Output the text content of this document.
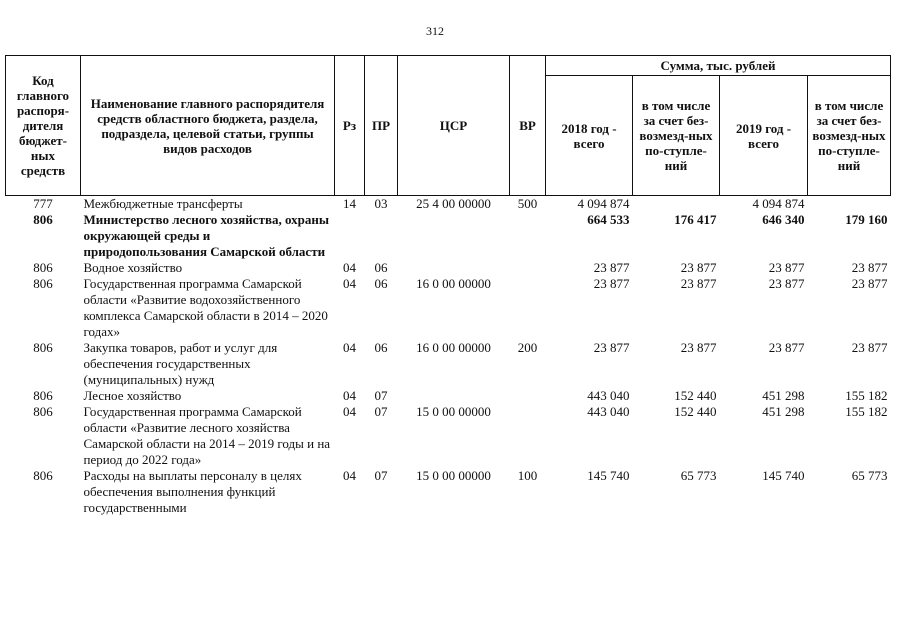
312
Код главного распоря-дителя бюджет-ных средств	Наименование главного распорядителя средств областного бюджета, раздела, подраздела, целевой статьи, группы видов расходов	Рз	ПР	ЦСР	ВР	Сумма, тыс. рублей			
						2018 год - всего	в том числе за счет без-возмезд-ных по-ступле-ний	2019 год - всего	в том числе за счет без-возмезд-ных по-ступле-ний
777	Межбюджетные трансферты	14	03	25 4 00 00000	500	4 094 874		4 094 874	
806	Министерство лесного хозяйства, охраны окружающей среды и природопользования Самарской области					664 533	176 417	646 340	179 160
806	Водное хозяйство	04	06			23 877	23 877	23 877	23 877
806	Государственная программа Самарской области «Развитие водохозяйственного комплекса Самарской области в 2014 – 2020 годах»	04	06	16 0 00 00000		23 877	23 877	23 877	23 877
806	Закупка товаров, работ и услуг для обеспечения государственных (муниципальных) нужд	04	06	16 0 00 00000	200	23 877	23 877	23 877	23 877
806	Лесное хозяйство	04	07			443 040	152 440	451 298	155 182
806	Государственная программа Самарской области «Развитие лесного хозяйства Самарской области на 2014 – 2019 годы и на период до 2022 года»	04	07	15 0 00 00000		443 040	152 440	451 298	155 182
806	Расходы на выплаты персоналу в целях обеспечения выполнения функций государственными	04	07	15 0 00 00000	100	145 740	65 773	145 740	65 773
